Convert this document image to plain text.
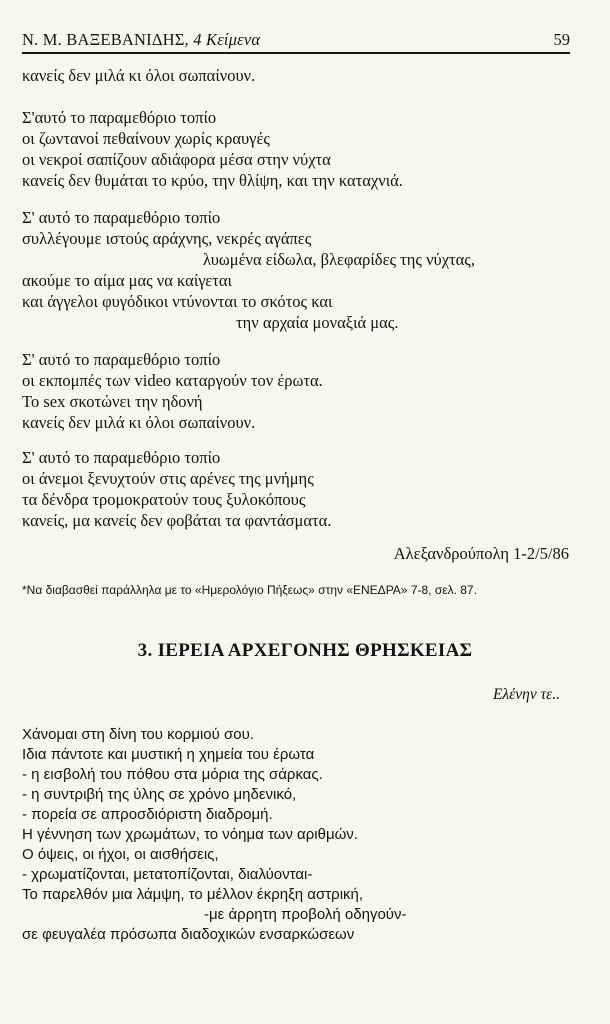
Ν. Μ. ΒΑΞΕΒΑΝΙΔΗΣ, 4 Κείμενα	59
κανείς δεν μιλά κι όλοι σωπαίνουν.
Σ'αυτό το παραμεθόριο τοπίο
οι ζωντανοί πεθαίνουν χωρίς κραυγές
οι νεκροί σαπίζουν αδιάφορα μέσα στην νύχτα
κανείς δεν θυμάται το κρύο, την θλίψη, και την καταχνιά.
Σ' αυτό το παραμεθόριο τοπίο
συλλέγουμε ιστούς αράχνης, νεκρές αγάπες
λυωμένα είδωλα, βλεφαρίδες της νύχτας,
ακούμε το αίμα μας να καίγεται
και άγγελοι φυγόδικοι ντύνονται το σκότος και
την αρχαία μοναξιά μας.
Σ' αυτό το παραμεθόριο τοπίο
οι εκπομπές των video καταργούν τον έρωτα.
Το sex σκοτώνει την ηδονή
κανείς δεν μιλά κι όλοι σωπαίνουν.
Σ' αυτό το παραμεθόριο τοπίο
οι άνεμοι ξενυχτούν στις αρένες της μνήμης
τα δένδρα τρομοκρατούν τους ξυλοκόπους
κανείς, μα κανείς δεν φοβάται τα φαντάσματα.
Αλεξανδρούπολη 1-2/5/86
*Να διαβασθεί παράλληλα με το «Ημερολόγιο Πήξεως» στην «ΕΝΕΔΡΑ» 7-8, σελ. 87.
3. ΙΕΡΕΙΑ ΑΡΧΕΓΟΝΗΣ ΘΡΗΣΚΕΙΑΣ
Ελένην τε..
Χάνομαι στη δίνη του κορμιού σου.
Ιδια πάντοτε και μυστική η χημεία του έρωτα
- η εισβολή του πόθου στα μόρια της σάρκας.
- η συντριβή της ύλης σε χρόνο μηδενικό,
- πορεία σε απροσδιόριστη διαδρομή.
Η γέννηση των χρωμάτων, το νόημα των αριθμών.
Ο όψεις, οι ήχοι, οι αισθήσεις,
- χρωματίζονται, μετατοπίζονται, διαλύονται-
Το παρελθόν μια λάμψη, το μέλλον έκρηξη αστρική,
-με άρρητη προβολή οδηγούν-
σε φευγαλέα πρόσωπα διαδοχικών ενσαρκώσεων
